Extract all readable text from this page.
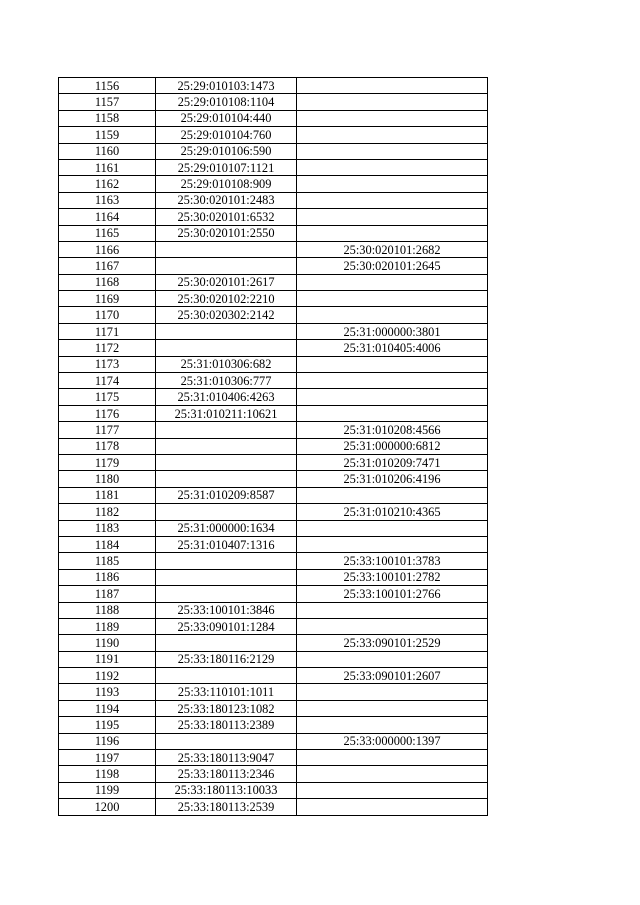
1156	25:29:010103:1473	
1157	25:29:010108:1104	
1158	25:29:010104:440	
1159	25:29:010104:760	
1160	25:29:010106:590	
1161	25:29:010107:1121	
1162	25:29:010108:909	
1163	25:30:020101:2483	
1164	25:30:020101:6532	
1165	25:30:020101:2550	
1166		25:30:020101:2682
1167		25:30:020101:2645
1168	25:30:020101:2617	
1169	25:30:020102:2210	
1170	25:30:020302:2142	
1171		25:31:000000:3801
1172		25:31:010405:4006
1173	25:31:010306:682	
1174	25:31:010306:777	
1175	25:31:010406:4263	
1176	25:31:010211:10621	
1177		25:31:010208:4566
1178		25:31:000000:6812
1179		25:31:010209:7471
1180		25:31:010206:4196
1181	25:31:010209:8587	
1182		25:31:010210:4365
1183	25:31:000000:1634	
1184	25:31:010407:1316	
1185		25:33:100101:3783
1186		25:33:100101:2782
1187		25:33:100101:2766
1188	25:33:100101:3846	
1189	25:33:090101:1284	
1190		25:33:090101:2529
1191	25:33:180116:2129	
1192		25:33:090101:2607
1193	25:33:110101:1011	
1194	25:33:180123:1082	
1195	25:33:180113:2389	
1196		25:33:000000:1397
1197	25:33:180113:9047	
1198	25:33:180113:2346	
1199	25:33:180113:10033	
1200	25:33:180113:2539	
